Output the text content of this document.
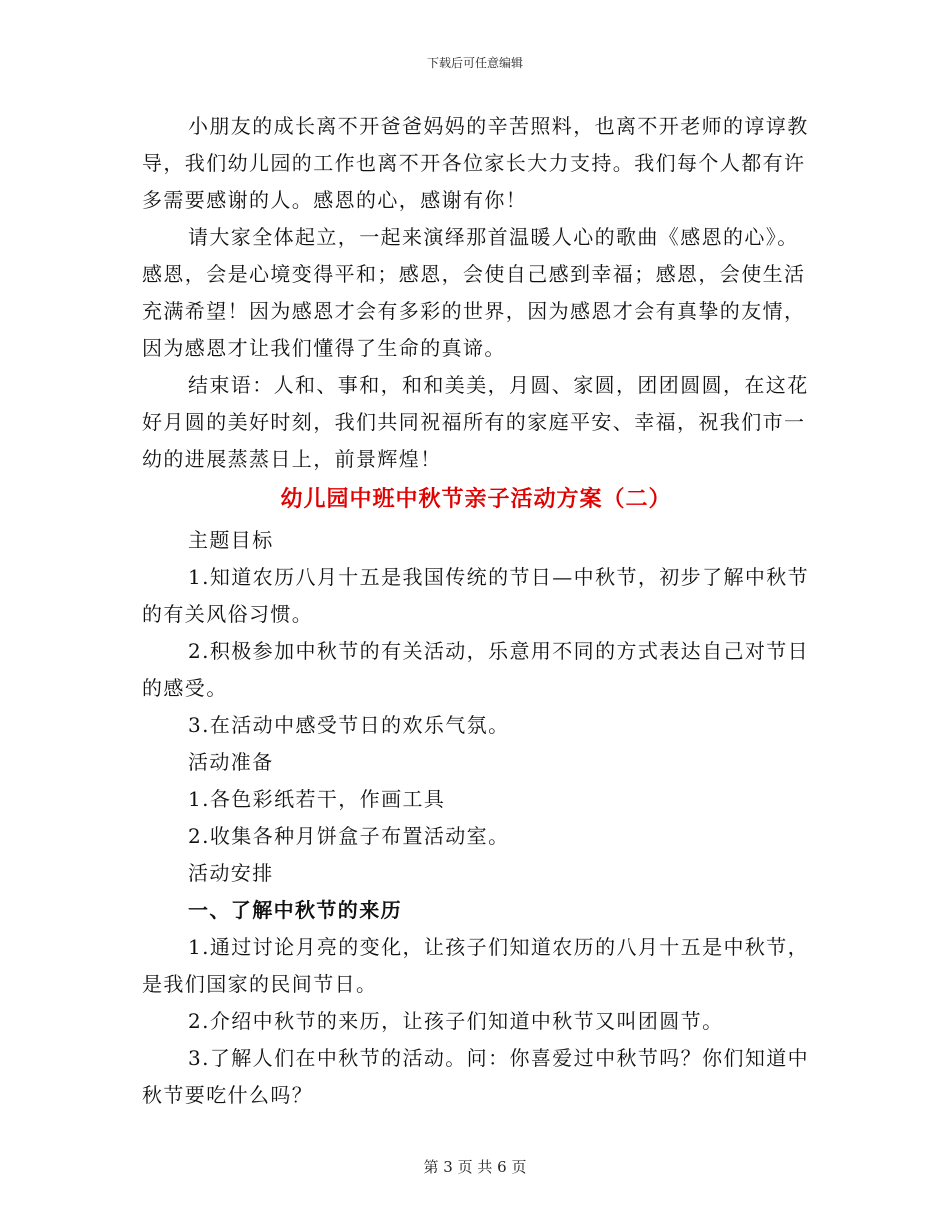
下载后可任意编辑

小朋友的成长离不开爸爸妈妈的辛苦照料，也离不开老师的谆谆教导，我们幼儿园的工作也离不开各位家长大力支持。我们每个人都有许多需要感谢的人。感恩的心，感谢有你！

请大家全体起立，一起来演绎那首温暖人心的歌曲《感恩的心》。感恩，会是心境变得平和；感恩，会使自己感到幸福；感恩，会使生活充满希望！因为感恩才会有多彩的世界，因为感恩才会有真挚的友情，因为感恩才让我们懂得了生命的真谛。

结束语：人和、事和，和和美美，月圆、家圆，团团圆圆，在这花好月圆的美好时刻，我们共同祝福所有的家庭平安、幸福，祝我们市一幼的进展蒸蒸日上，前景辉煌！

幼儿园中班中秋节亲子活动方案（二）

主题目标

1.知道农历八月十五是我国传统的节日—中秋节，初步了解中秋节的有关风俗习惯。

2.积极参加中秋节的有关活动，乐意用不同的方式表达自己对节日的感受。

3.在活动中感受节日的欢乐气氛。

活动准备

1.各色彩纸若干，作画工具

2.收集各种月饼盒子布置活动室。

活动安排

一、了解中秋节的来历

1.通过讨论月亮的变化，让孩子们知道农历的八月十五是中秋节，是我们国家的民间节日。

2.介绍中秋节的来历，让孩子们知道中秋节又叫团圆节。

3.了解人们在中秋节的活动。问：你喜爱过中秋节吗？你们知道中秋节要吃什么吗？

第 3 页 共 6 页
